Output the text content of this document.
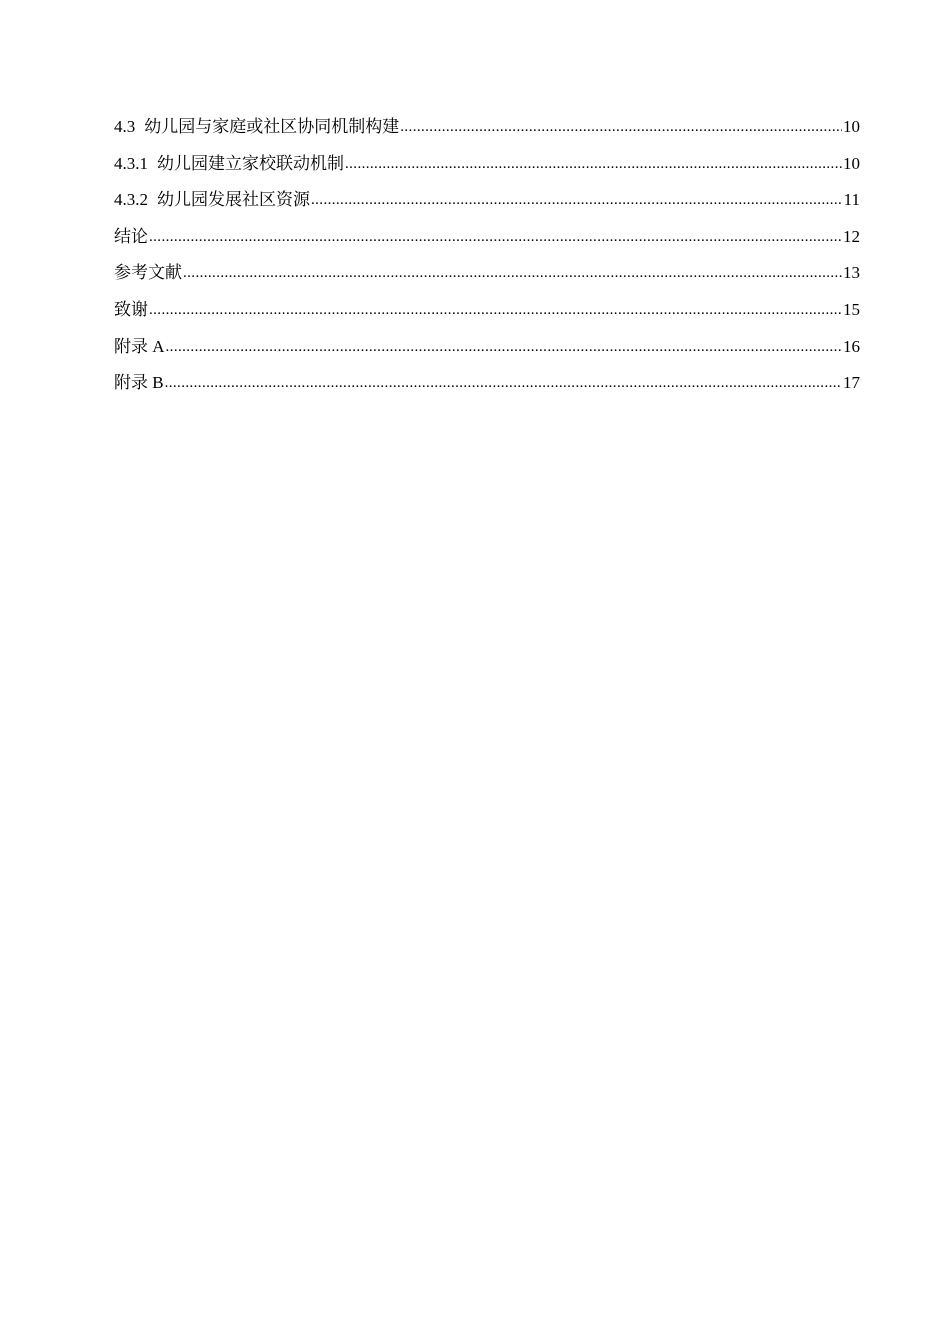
4.3 幼儿园与家庭或社区协同机制构建 .....	10
4.3.1 幼儿园建立家校联动机制 .....	10
4.3.2 幼儿园发展社区资源 .....	11
结论 .....	12
参考文献 .....	13
致谢 .....	15
附录 A .....	16
附录 B .....	17
